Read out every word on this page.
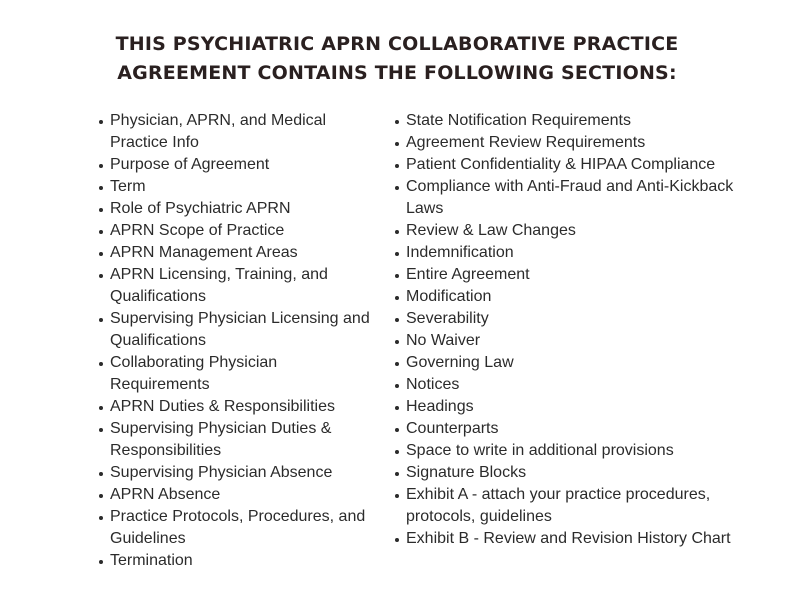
THIS PSYCHIATRIC APRN COLLABORATIVE PRACTICE
AGREEMENT CONTAINS THE FOLLOWING SECTIONS:
Physician, APRN, and Medical Practice Info
Purpose of Agreement
Term
Role of Psychiatric APRN
APRN Scope of Practice
APRN Management Areas
APRN Licensing, Training, and Qualifications
Supervising Physician Licensing and Qualifications
Collaborating Physician Requirements
APRN Duties & Responsibilities
Supervising Physician Duties & Responsibilities
Supervising Physician Absence
APRN Absence
Practice Protocols, Procedures, and Guidelines
Termination
State Notification Requirements
Agreement Review Requirements
Patient Confidentiality & HIPAA Compliance
Compliance with Anti-Fraud and Anti-Kickback Laws
Review & Law Changes
Indemnification
Entire Agreement
Modification
Severability
No Waiver
Governing Law
Notices
Headings
Counterparts
Space to write in additional provisions
Signature Blocks
Exhibit A - attach your practice procedures, protocols, guidelines
Exhibit B - Review and Revision History Chart
